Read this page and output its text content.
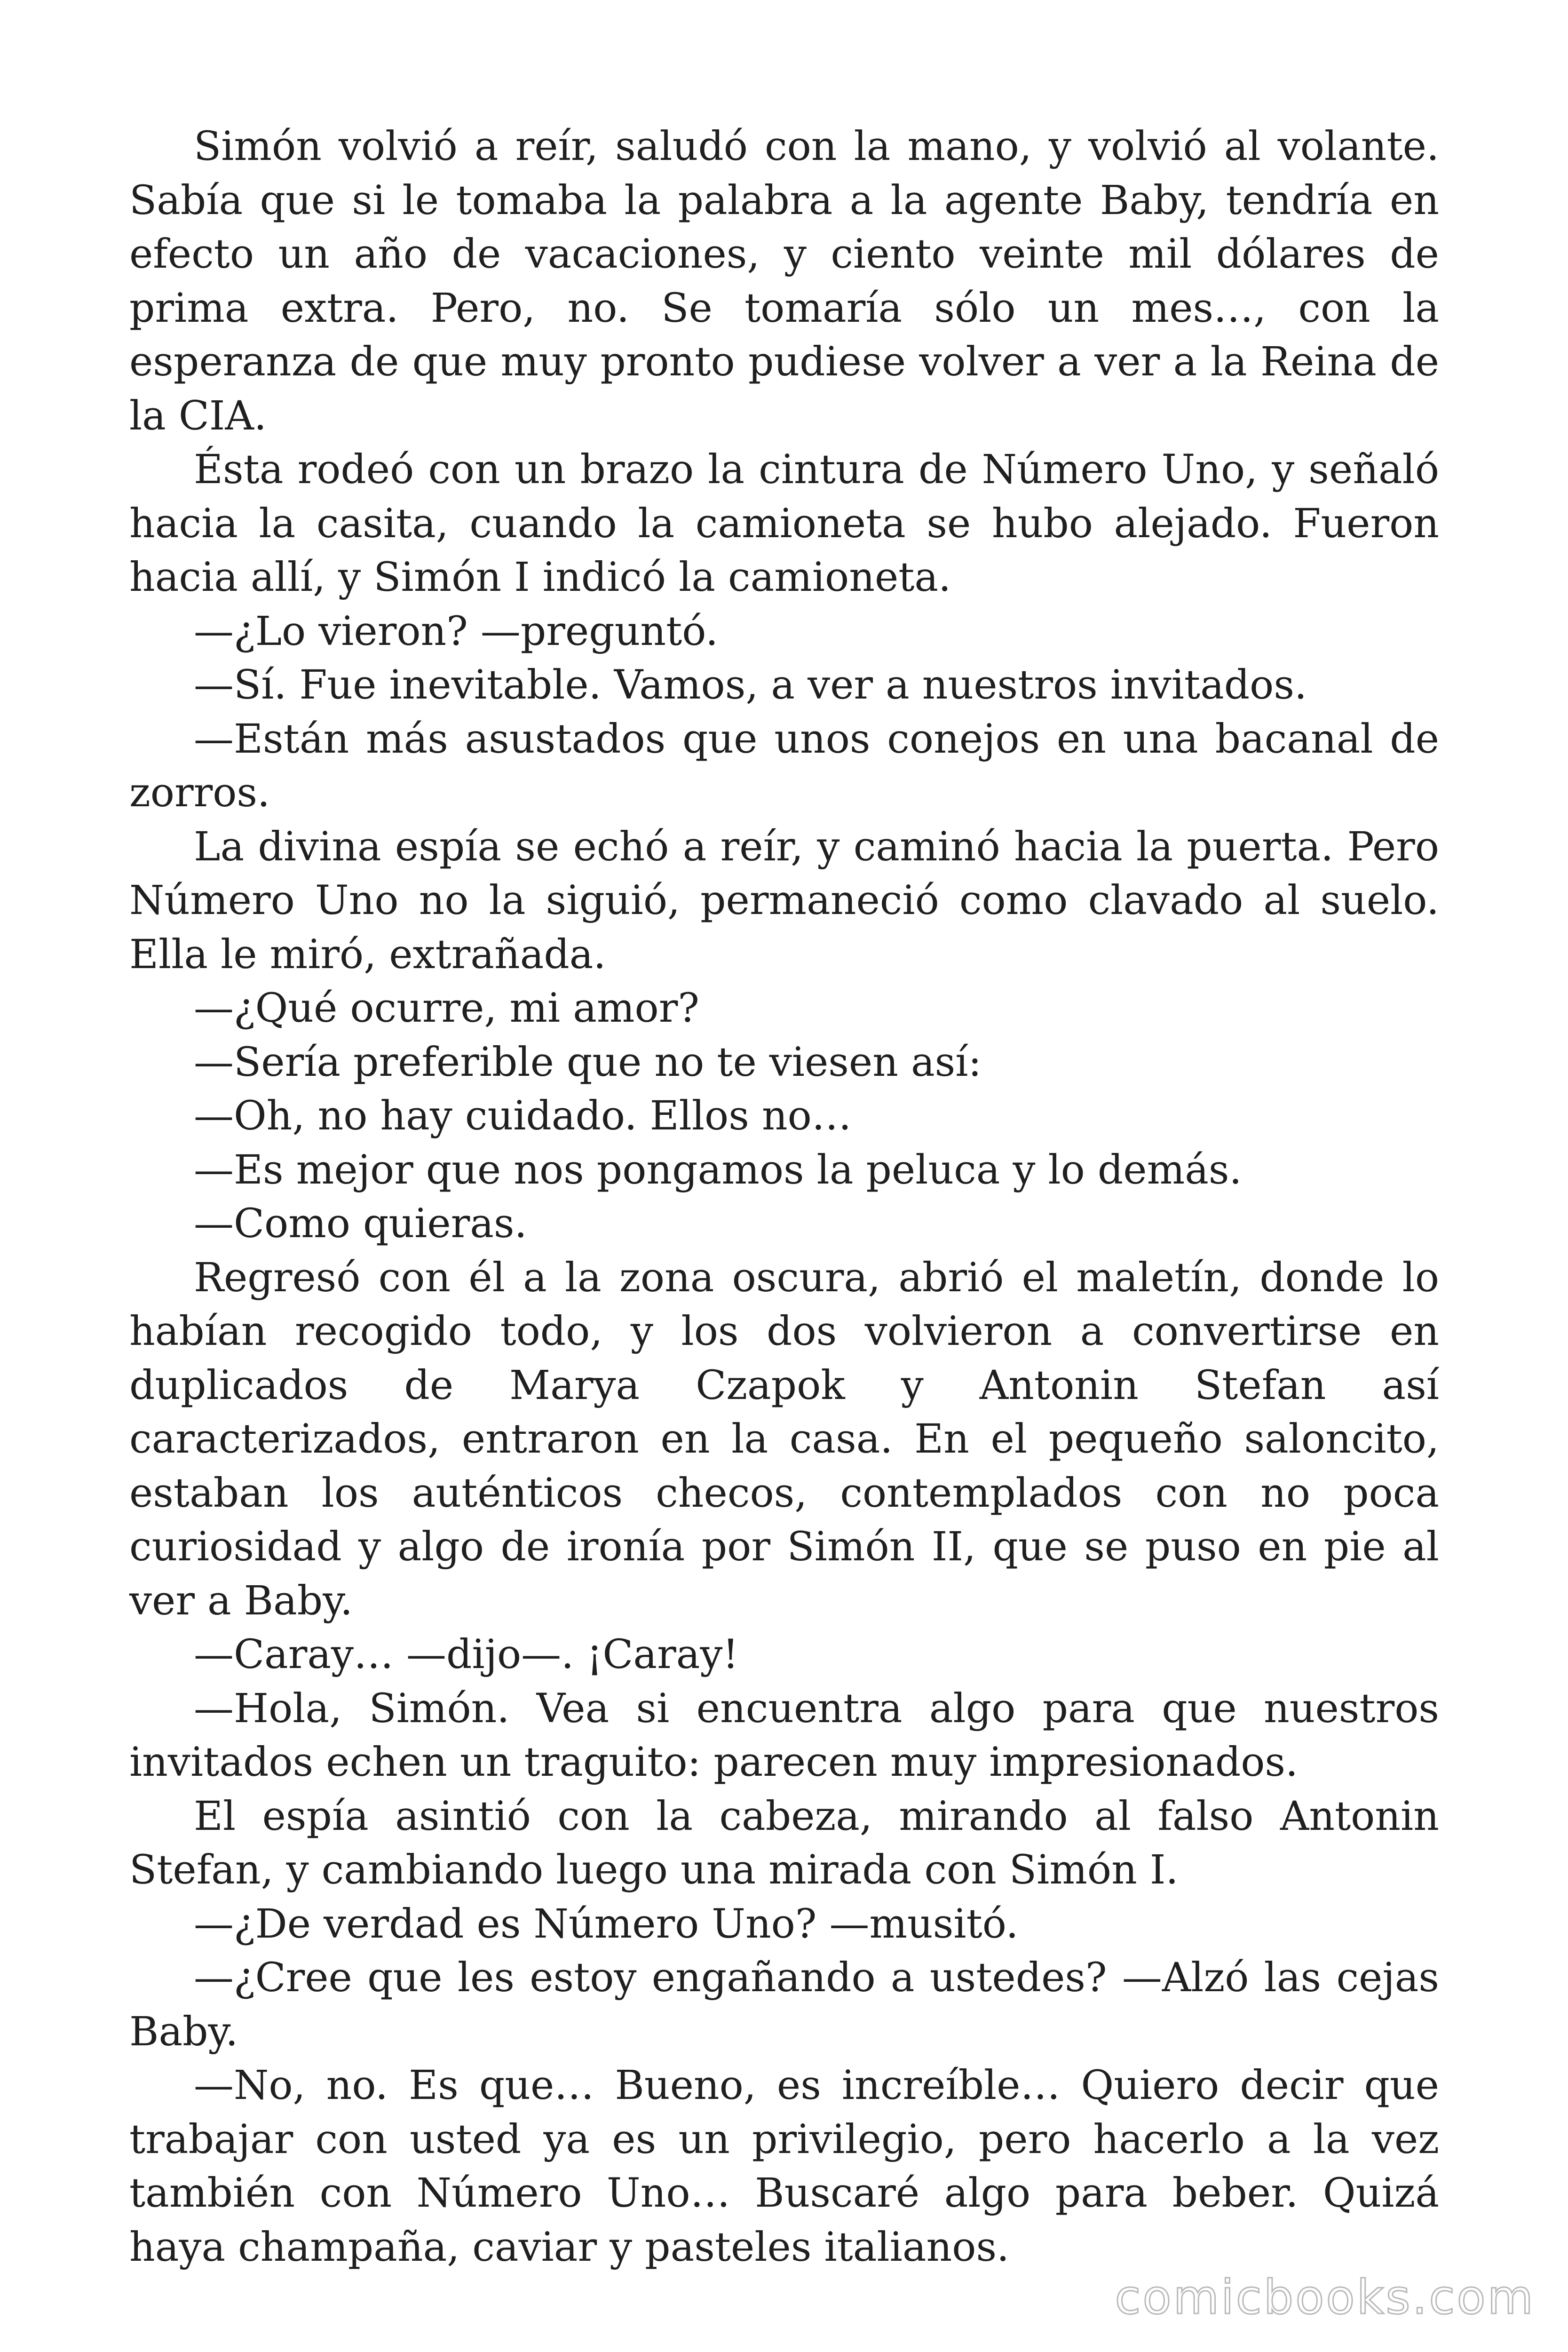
Simón volvió a reír, saludó con la mano, y volvió al volante. Sabía que si le tomaba la palabra a la agente Baby, tendría en efecto un año de vacaciones, y ciento veinte mil dólares de prima extra. Pero, no. Se tomaría sólo un mes…, con la esperanza de que muy pronto pudiese volver a ver a la Reina de la CIA.

Ésta rodeó con un brazo la cintura de Número Uno, y señaló hacia la casita, cuando la camioneta se hubo alejado. Fueron hacia allí, y Simón I indicó la camioneta.

—¿Lo vieron? —preguntó.

—Sí. Fue inevitable. Vamos, a ver a nuestros invitados.

—Están más asustados que unos conejos en una bacanal de zorros.

La divina espía se echó a reír, y caminó hacia la puerta. Pero Número Uno no la siguió, permaneció como clavado al suelo. Ella le miró, extrañada.

—¿Qué ocurre, mi amor?

—Sería preferible que no te viesen así:

—Oh, no hay cuidado. Ellos no…

—Es mejor que nos pongamos la peluca y lo demás.

—Como quieras.

Regresó con él a la zona oscura, abrió el maletín, donde lo habían recogido todo, y los dos volvieron a convertirse en duplicados de Marya Czapok y Antonin Stefan así caracterizados, entraron en la casa. En el pequeño saloncito, estaban los auténticos checos, contemplados con no poca curiosidad y algo de ironía por Simón II, que se puso en pie al ver a Baby.

—Caray… —dijo—. ¡Caray!

—Hola, Simón. Vea si encuentra algo para que nuestros invitados echen un traguito: parecen muy impresionados.

El espía asintió con la cabeza, mirando al falso Antonin Stefan, y cambiando luego una mirada con Simón I.

—¿De verdad es Número Uno? —musitó.

—¿Cree que les estoy engañando a ustedes? —Alzó las cejas Baby.

—No, no. Es que… Bueno, es increíble… Quiero decir que trabajar con usted ya es un privilegio, pero hacerlo a la vez también con Número Uno… Buscaré algo para beber. Quizá haya champaña, caviar y pasteles italianos.

comicbooks.com
